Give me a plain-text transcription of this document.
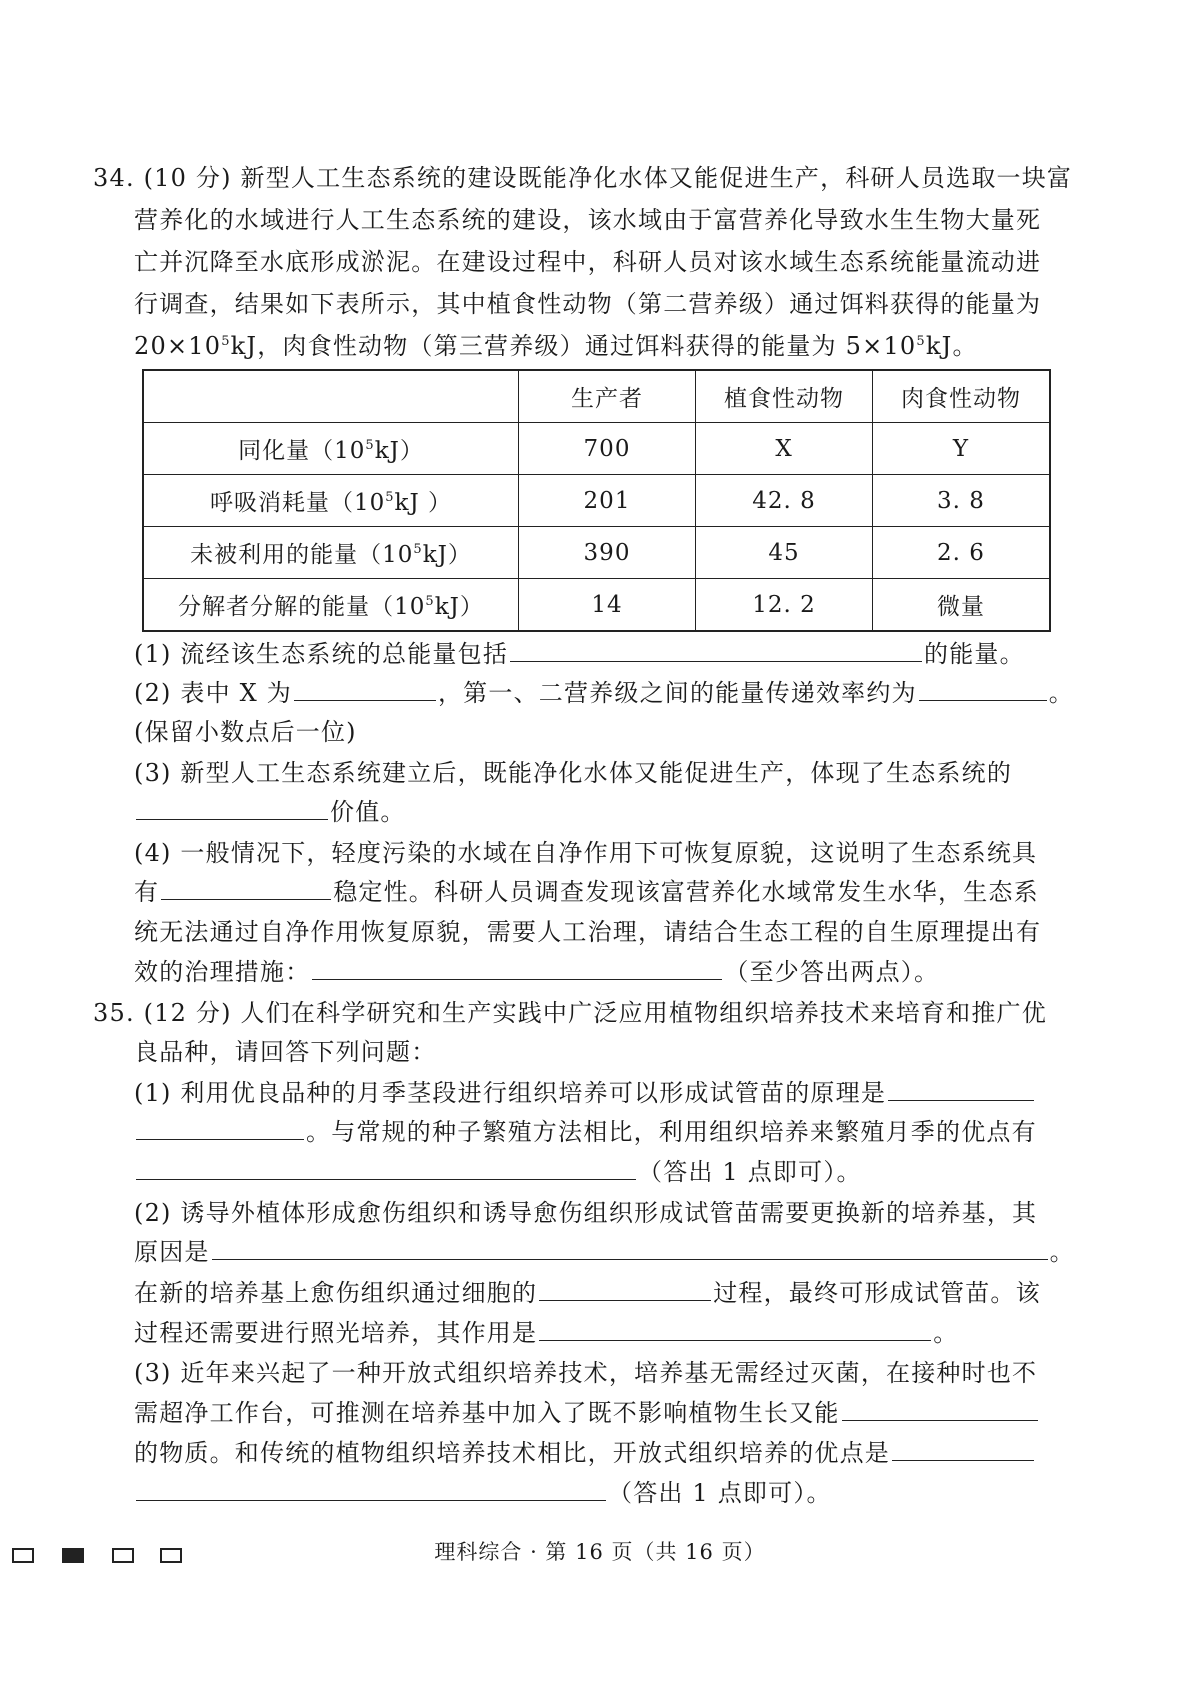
34. (10 分) 新型人工生态系统的建设既能净化水体又能促进生产，科研人员选取一块富
营养化的水域进行人工生态系统的建设，该水域由于富营养化导致水生生物大量死
亡并沉降至水底形成淤泥。在建设过程中，科研人员对该水域生态系统能量流动进
行调查，结果如下表所示，其中植食性动物（第二营养级）通过饵料获得的能量为
$20\times 10^5kJ$，肉食性动物（第三营养级）通过饵料获得的能量为 $5\times 10^5kJ$。
	生产者	植食性动物	肉食性动物
同化量$(10^5kJ)$	700	X	Y
呼吸消耗量（$10^5kJ$ ）	201	42. 8	3. 8
未被利用的能量$(10^5kJ)$	390	45	2. 6
分解者分解的能量$(10^5kJ)$	14	12. 2	微量
(1) 流经该生态系统的总能量包括	的能量。
(2) 表中 X 为	，第一、二营养级之间的能量传递效率约为	。
(保留小数点后一位)
(3) 新型人工生态系统建立后，既能净化水体又能促进生产，体现了生态系统的
价值。
(4) 一般情况下，轻度污染的水域在自净作用下可恢复原貌，这说明了生态系统具
有	稳定性。科研人员调查发现该富营养化水域常发生水华，生态系
统无法通过自净作用恢复原貌，需要人工治理，请结合生态工程的自生原理提出有
效的治理措施：	（至少答出两点）。
35. (12 分) 人们在科学研究和生产实践中广泛应用植物组织培养技术来培育和推广优
良品种，请回答下列问题：
(1) 利用优良品种的月季茎段进行组织培养可以形成试管苗的原理是
。与常规的种子繁殖方法相比，利用组织培养来繁殖月季的优点有
（答出 1 点即可）。
(2) 诱导外植体形成愈伤组织和诱导愈伤组织形成试管苗需要更换新的培养基，其
原因是	。
在新的培养基上愈伤组织通过细胞的	过程，最终可形成试管苗。该
过程还需要进行照光培养，其作用是	。
(3) 近年来兴起了一种开放式组织培养技术，培养基无需经过灭菌，在接种时也不
需超净工作台，可推测在培养基中加入了既不影响植物生长又能
的物质。和传统的植物组织培养技术相比，开放式组织培养的优点是
（答出 1 点即可）。
理科综合 · 第 16 页（共 16 页）
